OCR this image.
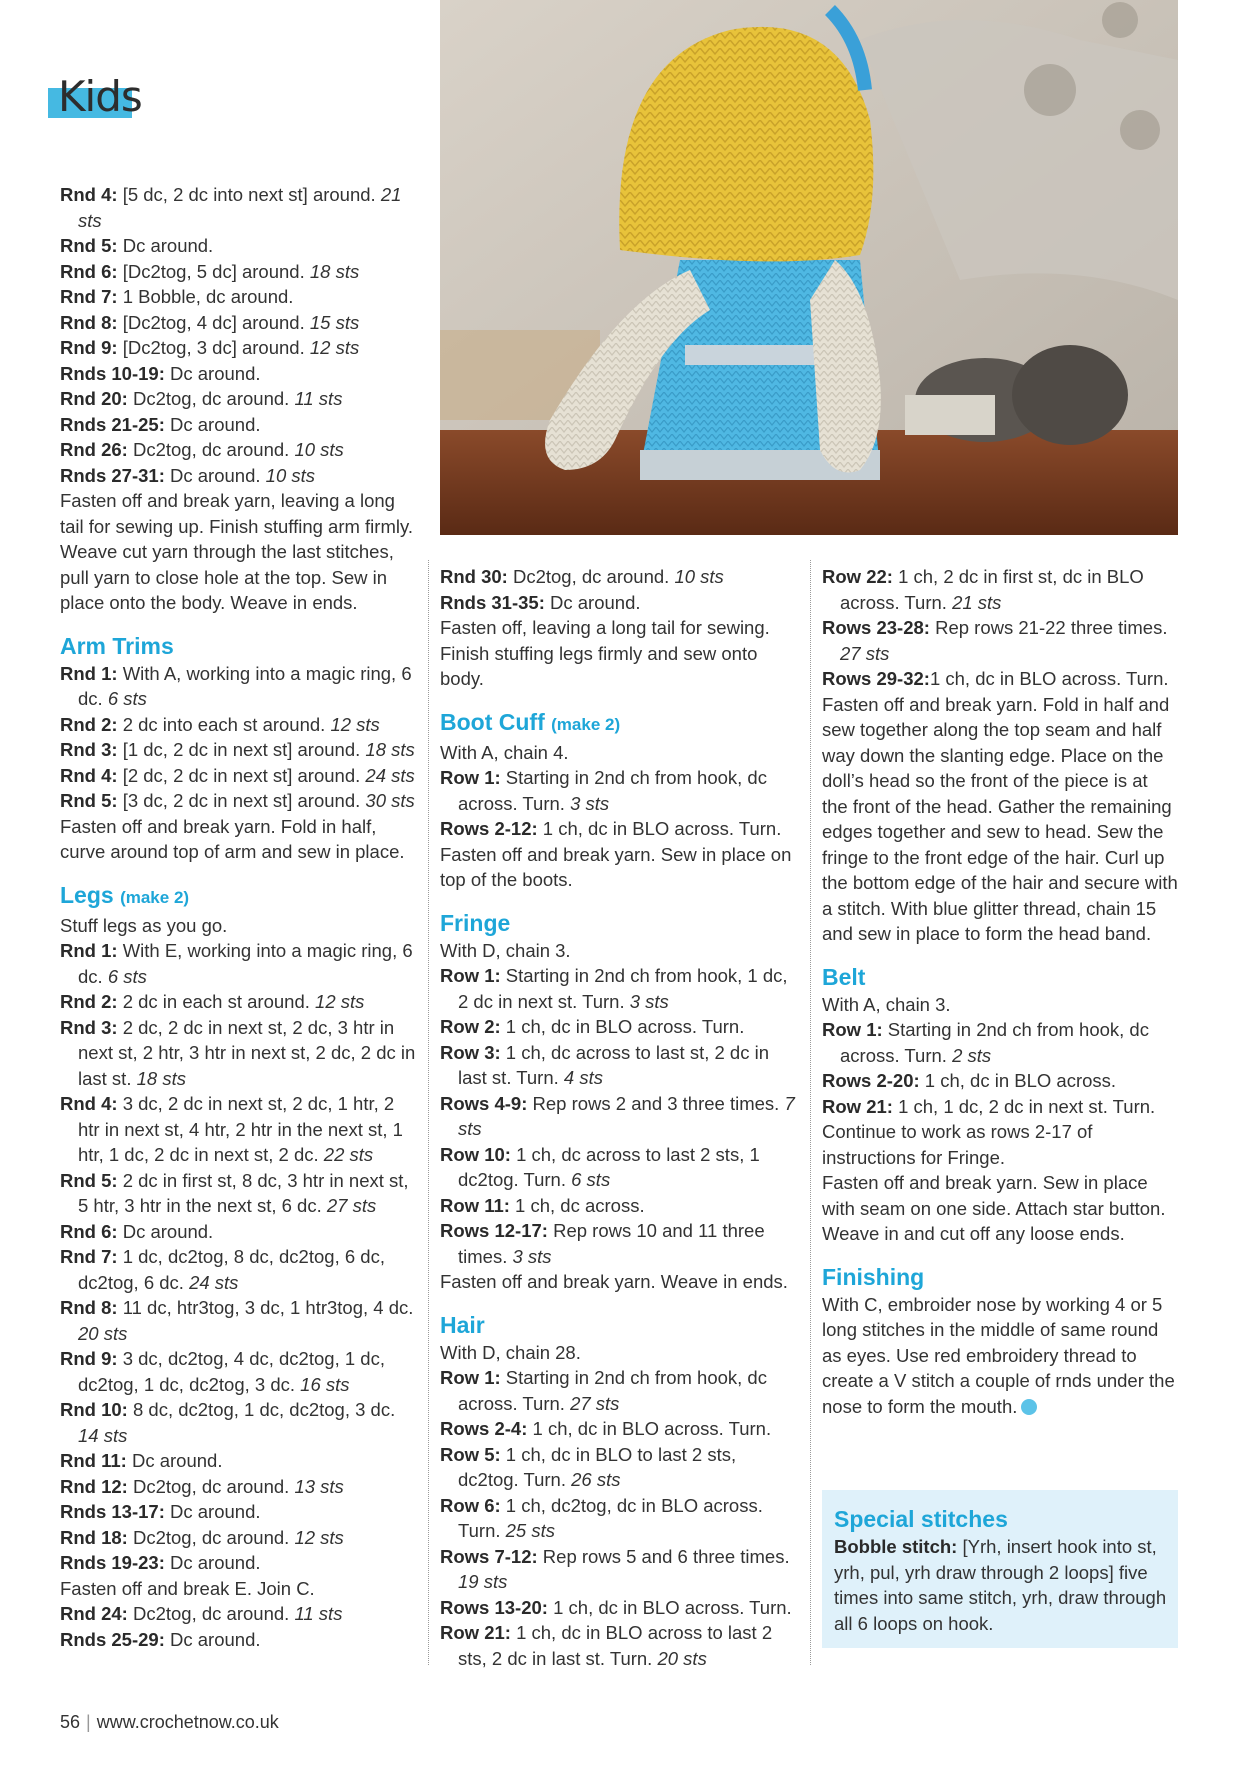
Kids
Rnd 4: [5 dc, 2 dc into next st] around. 21 sts
Rnd 5: Dc around.
Rnd 6: [Dc2tog, 5 dc] around. 18 sts
Rnd 7: 1 Bobble, dc around.
Rnd 8: [Dc2tog, 4 dc] around. 15 sts
Rnd 9: [Dc2tog, 3 dc] around. 12 sts
Rnds 10-19: Dc around.
Rnd 20: Dc2tog, dc around. 11 sts
Rnds 21-25: Dc around.
Rnd 26: Dc2tog, dc around. 10 sts
Rnds 27-31: Dc around. 10 sts
Fasten off and break yarn, leaving a long tail for sewing up. Finish stuffing arm firmly. Weave cut yarn through the last stitches, pull yarn to close hole at the top. Sew in place onto the body. Weave in ends.
Arm Trims
Rnd 1: With A, working into a magic ring, 6 dc. 6 sts
Rnd 2: 2 dc into each st around. 12 sts
Rnd 3: [1 dc, 2 dc in next st] around. 18 sts
Rnd 4: [2 dc, 2 dc in next st] around. 24 sts
Rnd 5: [3 dc, 2 dc in next st] around. 30 sts
Fasten off and break yarn. Fold in half, curve around top of arm and sew in place.
Legs (make 2)
Stuff legs as you go.
Rnd 1: With E, working into a magic ring, 6 dc. 6 sts
Rnd 2: 2 dc in each st around. 12 sts
Rnd 3: 2 dc, 2 dc in next st, 2 dc, 3 htr in next st, 2 htr, 3 htr in next st, 2 dc, 2 dc in last st. 18 sts
Rnd 4: 3 dc, 2 dc in next st, 2 dc, 1 htr, 2 htr in next st, 4 htr, 2 htr in the next st, 1 htr, 1 dc, 2 dc in next st, 2 dc. 22 sts
Rnd 5: 2 dc in first st, 8 dc, 3 htr in next st, 5 htr, 3 htr in the next st, 6 dc. 27 sts
Rnd 6: Dc around.
Rnd 7: 1 dc, dc2tog, 8 dc, dc2tog, 6 dc, dc2tog, 6 dc. 24 sts
Rnd 8: 11 dc, htr3tog, 3 dc, 1 htr3tog, 4 dc. 20 sts
Rnd 9: 3 dc, dc2tog, 4 dc, dc2tog, 1 dc, dc2tog, 1 dc, dc2tog, 3 dc. 16 sts
Rnd 10: 8 dc, dc2tog, 1 dc, dc2tog, 3 dc. 14 sts
Rnd 11: Dc around.
Rnd 12: Dc2tog, dc around. 13 sts
Rnds 13-17: Dc around.
Rnd 18: Dc2tog, dc around. 12 sts
Rnds 19-23: Dc around.
Fasten off and break E. Join C.
Rnd 24: Dc2tog, dc around. 11 sts
Rnds 25-29: Dc around.
Rnd 30: Dc2tog, dc around. 10 sts
Rnds 31-35: Dc around.
Fasten off, leaving a long tail for sewing. Finish stuffing legs firmly and sew onto body.
Boot Cuff (make 2)
With A, chain 4.
Row 1: Starting in 2nd ch from hook, dc across. Turn. 3 sts
Rows 2-12: 1 ch, dc in BLO across. Turn.
Fasten off and break yarn. Sew in place on top of the boots.
Fringe
With D, chain 3.
Row 1: Starting in 2nd ch from hook, 1 dc, 2 dc in next st. Turn. 3 sts
Row 2: 1 ch, dc in BLO across. Turn.
Row 3: 1 ch, dc across to last st, 2 dc in last st. Turn. 4 sts
Rows 4-9: Rep rows 2 and 3 three times. 7 sts
Row 10: 1 ch, dc across to last 2 sts, 1 dc2tog. Turn. 6 sts
Row 11: 1 ch, dc across.
Rows 12-17: Rep rows 10 and 11 three times. 3 sts
Fasten off and break yarn. Weave in ends.
Hair
With D, chain 28.
Row 1: Starting in 2nd ch from hook, dc across. Turn. 27 sts
Rows 2-4: 1 ch, dc in BLO across. Turn.
Row 5: 1 ch, dc in BLO to last 2 sts, dc2tog. Turn. 26 sts
Row 6: 1 ch, dc2tog, dc in BLO across. Turn. 25 sts
Rows 7-12: Rep rows 5 and 6 three times. 19 sts
Rows 13-20: 1 ch, dc in BLO across. Turn.
Row 21: 1 ch, dc in BLO across to last 2 sts, 2 dc in last st. Turn. 20 sts
Row 22: 1 ch, 2 dc in first st, dc in BLO across. Turn. 21 sts
Rows 23-28: Rep rows 21-22 three times. 27 sts
Rows 29-32:1 ch, dc in BLO across. Turn.
Fasten off and break yarn. Fold in half and sew together along the top seam and half way down the slanting edge. Place on the doll’s head so the front of the piece is at the front of the head. Gather the remaining edges together and sew to head. Sew the fringe to the front edge of the hair. Curl up the bottom edge of the hair and secure with a stitch. With blue glitter thread, chain 15 and sew in place to form the head band.
Belt
With A, chain 3.
Row 1: Starting in 2nd ch from hook, dc across. Turn. 2 sts
Rows 2-20: 1 ch, dc in BLO across.
Row 21: 1 ch, 1 dc, 2 dc in next st. Turn.
Continue to work as rows 2-17 of instructions for Fringe.
Fasten off and break yarn. Sew in place with seam on one side. Attach star button. Weave in and cut off any loose ends.
Finishing
With C, embroider nose by working 4 or 5 long stitches in the middle of same round as eyes. Use red embroidery thread to create a V stitch a couple of rnds under the nose to form the mouth.
Special stitches
Bobble stitch: [Yrh, insert hook into st, yrh, pul, yrh draw through 2 loops] five times into same stitch, yrh, draw through all 6 loops on hook.
56 | www.crochetnow.co.uk
